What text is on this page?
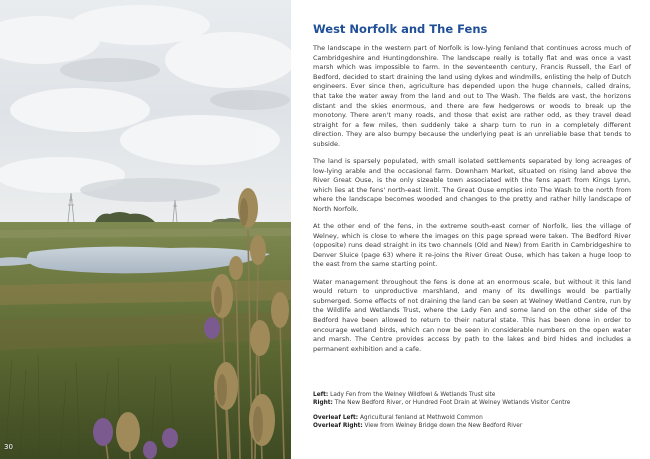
30
West Norfolk and The Fens

The landscape in the western part of Norfolk is low-lying fenland that continues across much of Cambridgeshire and Huntingdonshire. The landscape really is totally flat and was once a vast marsh which was impossible to farm. In the seventeenth century, Francis Russell, the Earl of Bedford, decided to start draining the land using dykes and windmills, enlisting the help of Dutch engineers. Ever since then, agriculture has depended upon the huge channels, called drains, that take the water away from the land and out to The Wash. The fields are vast, the horizons distant and the skies enormous, and there are few hedgerows or woods to break up the monotony. There aren't many roads, and those that exist are rather odd, as they travel dead straight for a few miles, then suddenly take a sharp turn to run in a completely different direction. They are also bumpy because the underlying peat is an unreliable base that tends to subside.

The land is sparsely populated, with small isolated settlements separated by long acreages of low-lying arable and the occasional farm. Downham Market, situated on rising land above the River Great Ouse, is the only sizeable town associated with the fens apart from Kings Lynn, which lies at the fens' north-east limit. The Great Ouse empties into The Wash to the north from where the landscape becomes wooded and changes to the pretty and rather hilly landscape of North Norfolk.

At the other end of the fens, in the extreme south-east corner of Norfolk, lies the village of Welney, which is close to where the images on this page spread were taken. The Bedford River (opposite) runs dead straight in its two channels (Old and New) from Earith in Cambridgeshire to Denver Sluice (page 63) where it re-joins the River Great Ouse, which has taken a huge loop to the east from the same starting point.

Water management throughout the fens is done at an enormous scale, but without it this land would return to unproductive marshland, and many of its dwellings would be partially submerged. Some effects of not draining the land can be seen at Welney Wetland Centre, run by the Wildlife and Wetlands Trust, where the Lady Fen and some land on the other side of the Bedford have been allowed to return to their natural state. This has been done in order to encourage wetland birds, which can now be seen in considerable numbers on the open water and marsh. The Centre provides access by path to the lakes and bird hides and includes a permanent exhibition and a cafe.

Left: Lady Fen from the Welney Wildfowl & Wetlands Trust site

Right: The New Bedford River, or Hundred Foot Drain at Welney Wetlands Visitor Centre

Overleaf Left: Agricultural fenland at Methwold Common

Overleaf Right: View from Welney Bridge down the New Bedford River
